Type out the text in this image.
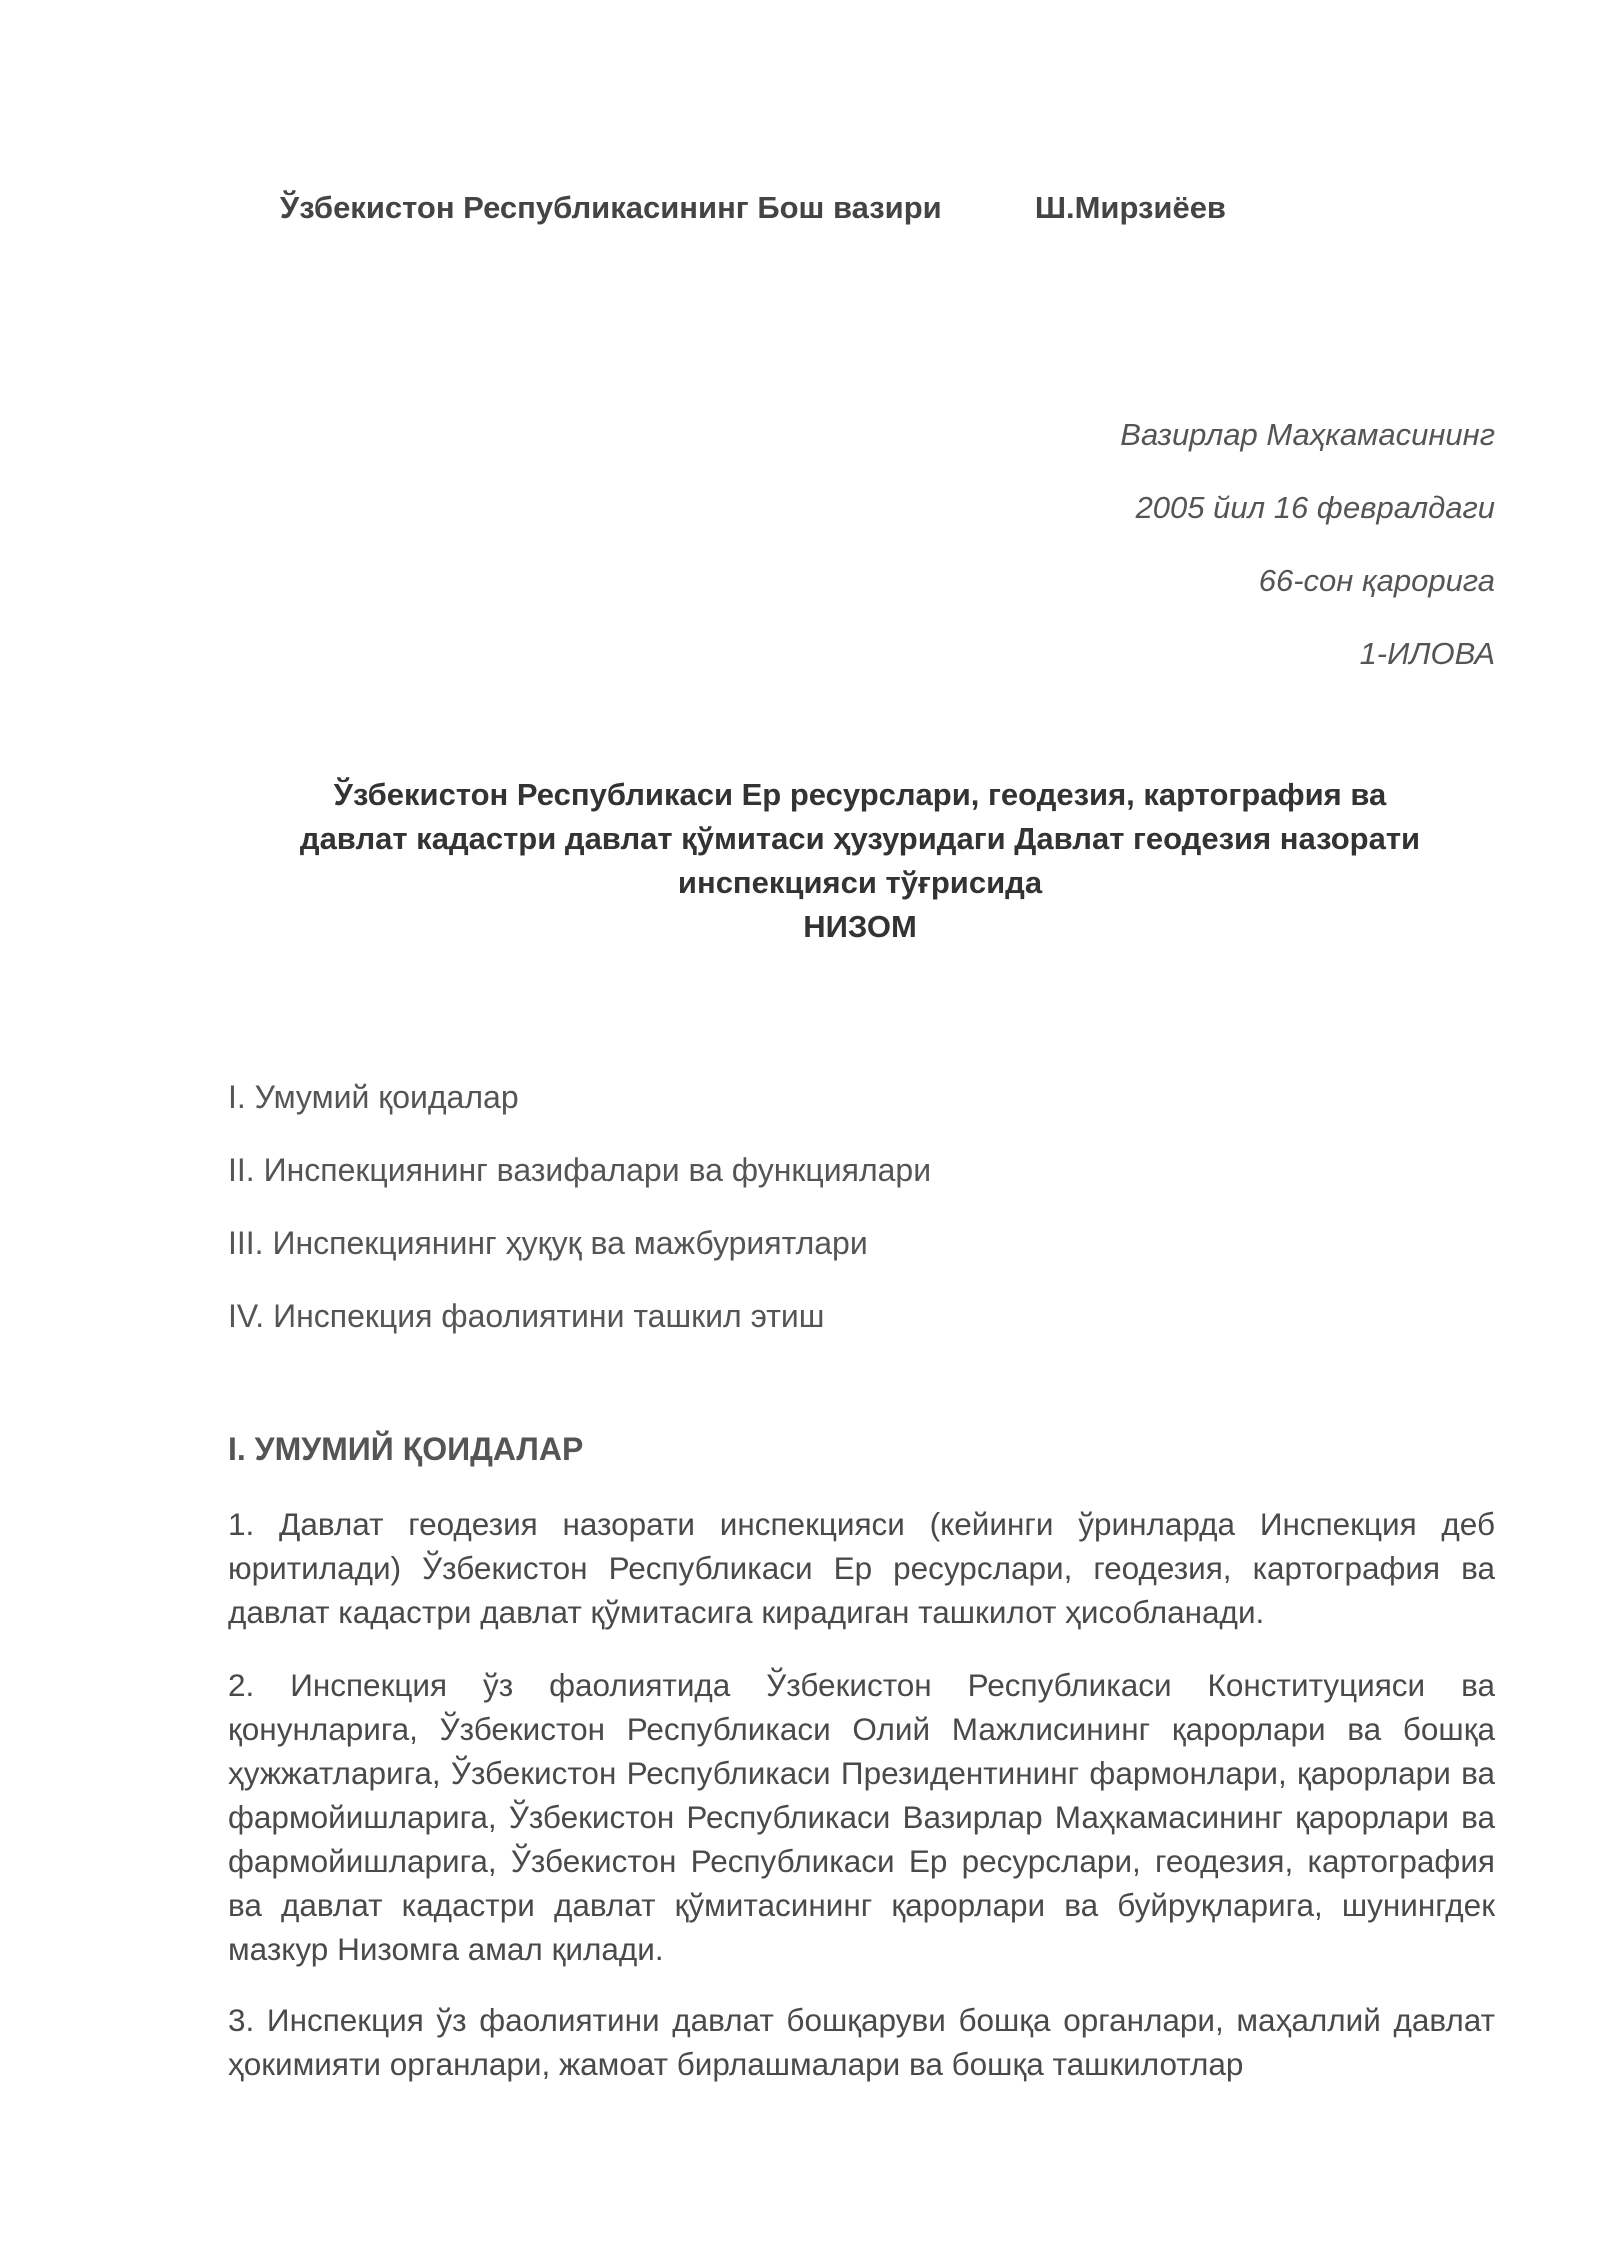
Ўзбекистон Республикасининг Бош вазири	Ш.Мирзиёев
Вазирлар Маҳкамасининг
2005 йил 16 февралдаги
66-сон қарорига
1-ИЛОВА
Ўзбекистон Республикаси Ер ресурслари, геодезия, картография ва
давлат кадастри давлат қўмитаси ҳузуридаги Давлат геодезия назорати
инспекцияси тўғрисида
НИЗОМ
I. Умумий қоидалар
II. Инспекциянинг вазифалари ва функциялари
III. Инспекциянинг ҳуқуқ ва мажбуриятлари
IV. Инспекция фаолиятини ташкил этиш
I. УМУМИЙ ҚОИДАЛАР
1. Давлат геодезия назорати инспекцияси (кейинги ўринларда Инспекция деб юритилади) Ўзбекистон Республикаси Ер ресурслари, геодезия, картография ва давлат кадастри давлат қўмитасига кирадиган ташкилот ҳисобланади.
2. Инспекция ўз фаолиятида Ўзбекистон Республикаси Конституцияси ва қонунларига, Ўзбекистон Республикаси Олий Мажлисининг қарорлари ва бошқа ҳужжатларига, Ўзбекистон Республикаси Президентининг фармонлари, қарорлари ва фармойишларига, Ўзбекистон Республикаси Вазирлар Маҳкамасининг қарорлари ва фармойишларига, Ўзбекистон Республикаси Ер ресурслари, геодезия, картография ва давлат кадастри давлат қўмитасининг қарорлари ва буйруқларига, шунингдек мазкур Низомга амал қилади.
3. Инспекция ўз фаолиятини давлат бошқаруви бошқа органлари, маҳаллий давлат ҳокимияти органлари, жамоат бирлашмалари ва бошқа ташкилотлар
